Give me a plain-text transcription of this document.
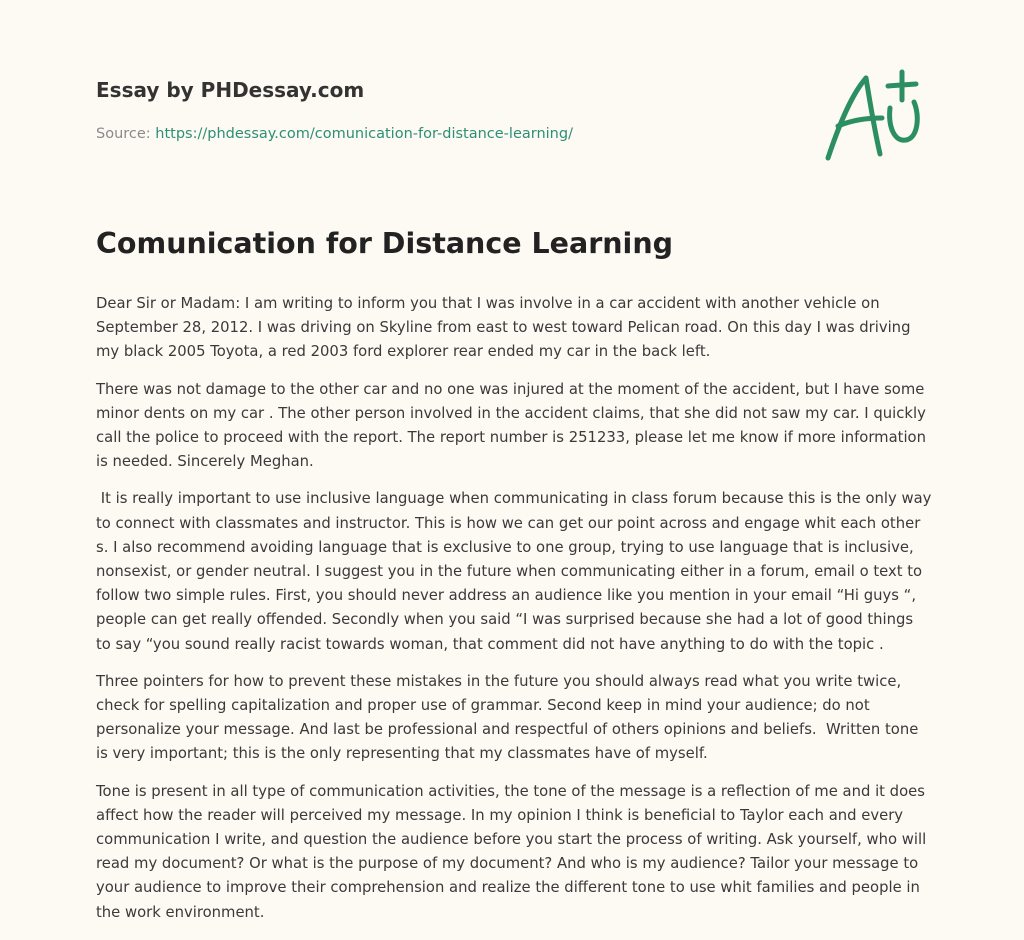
Essay by PHDessay.com
Source: https://phdessay.com/comunication-for-distance-learning/
Comunication for Distance Learning

Dear Sir or Madam: I am writing to inform you that I was involve in a car accident with another vehicle on September 28, 2012. I was driving on Skyline from east to west toward Pelican road. On this day I was driving my black 2005 Toyota, a red 2003 ford explorer rear ended my car in the back left.

There was not damage to the other car and no one was injured at the moment of the accident, but I have some minor dents on my car . The other person involved in the accident claims, that she did not saw my car. I quickly call the police to proceed with the report. The report number is 251233, please let me know if more information is needed. Sincerely Meghan.

It is really important to use inclusive language when communicating in class forum because this is the only way to connect with classmates and instructor. This is how we can get our point across and engage whit each other s. I also recommend avoiding language that is exclusive to one group, trying to use language that is inclusive, nonsexist, or gender neutral. I suggest you in the future when communicating either in a forum, email o text to follow two simple rules. First, you should never address an audience like you mention in your email “Hi guys “, people can get really offended. Secondly when you said “I was surprised because she had a lot of good things to say “you sound really racist towards woman, that comment did not have anything to do with the topic .

Three pointers for how to prevent these mistakes in the future you should always read what you write twice, check for spelling capitalization and proper use of grammar. Second keep in mind your audience; do not personalize your message. And last be professional and respectful of others opinions and beliefs.  Written tone is very important; this is the only representing that my classmates have of myself.

Tone is present in all type of communication activities, the tone of the message is a reflection of me and it does affect how the reader will perceived my message. In my opinion I think is beneficial to Taylor each and every communication I write, and question the audience before you start the process of writing. Ask yourself, who will read my document? Or what is the purpose of my document? And who is my audience? Tailor your message to your audience to improve their comprehension and realize the different tone to use whit families and people in the work environment.
